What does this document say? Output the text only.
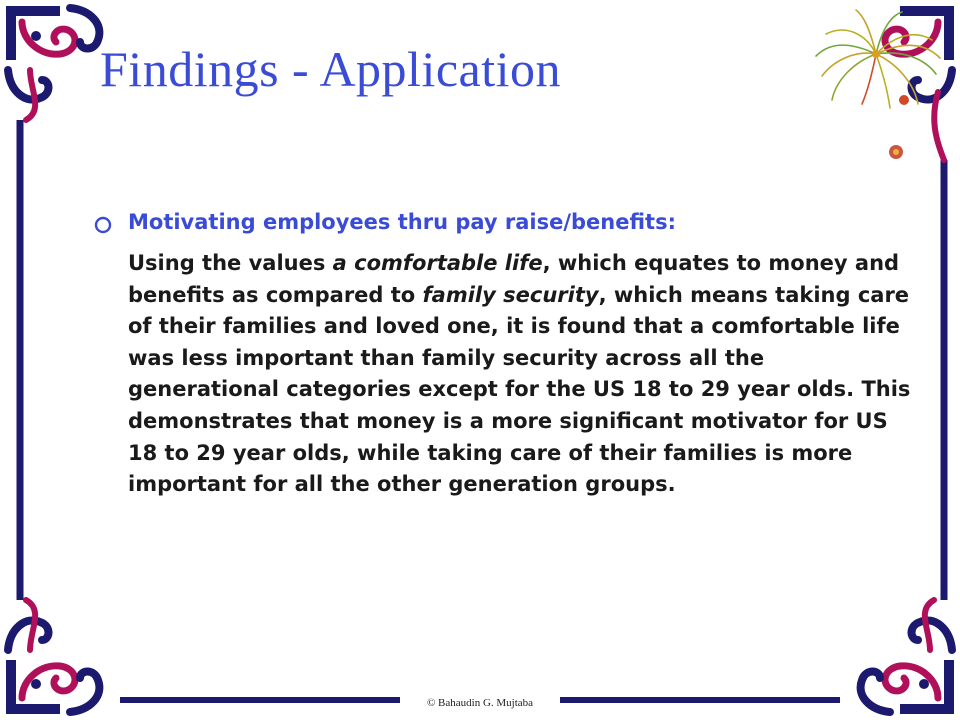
Findings - Application
Motivating employees thru pay raise/benefits:
Using the values a comfortable life, which equates to money and benefits as compared to family security, which means taking care of their families and loved one, it is found that a comfortable life was less important than family security across all the generational categories except for the US 18 to 29 year olds. This demonstrates that money is a more significant motivator for US 18 to 29 year olds, while taking care of their families is more important for all the other generation groups.
© Bahaudin G. Mujtaba
